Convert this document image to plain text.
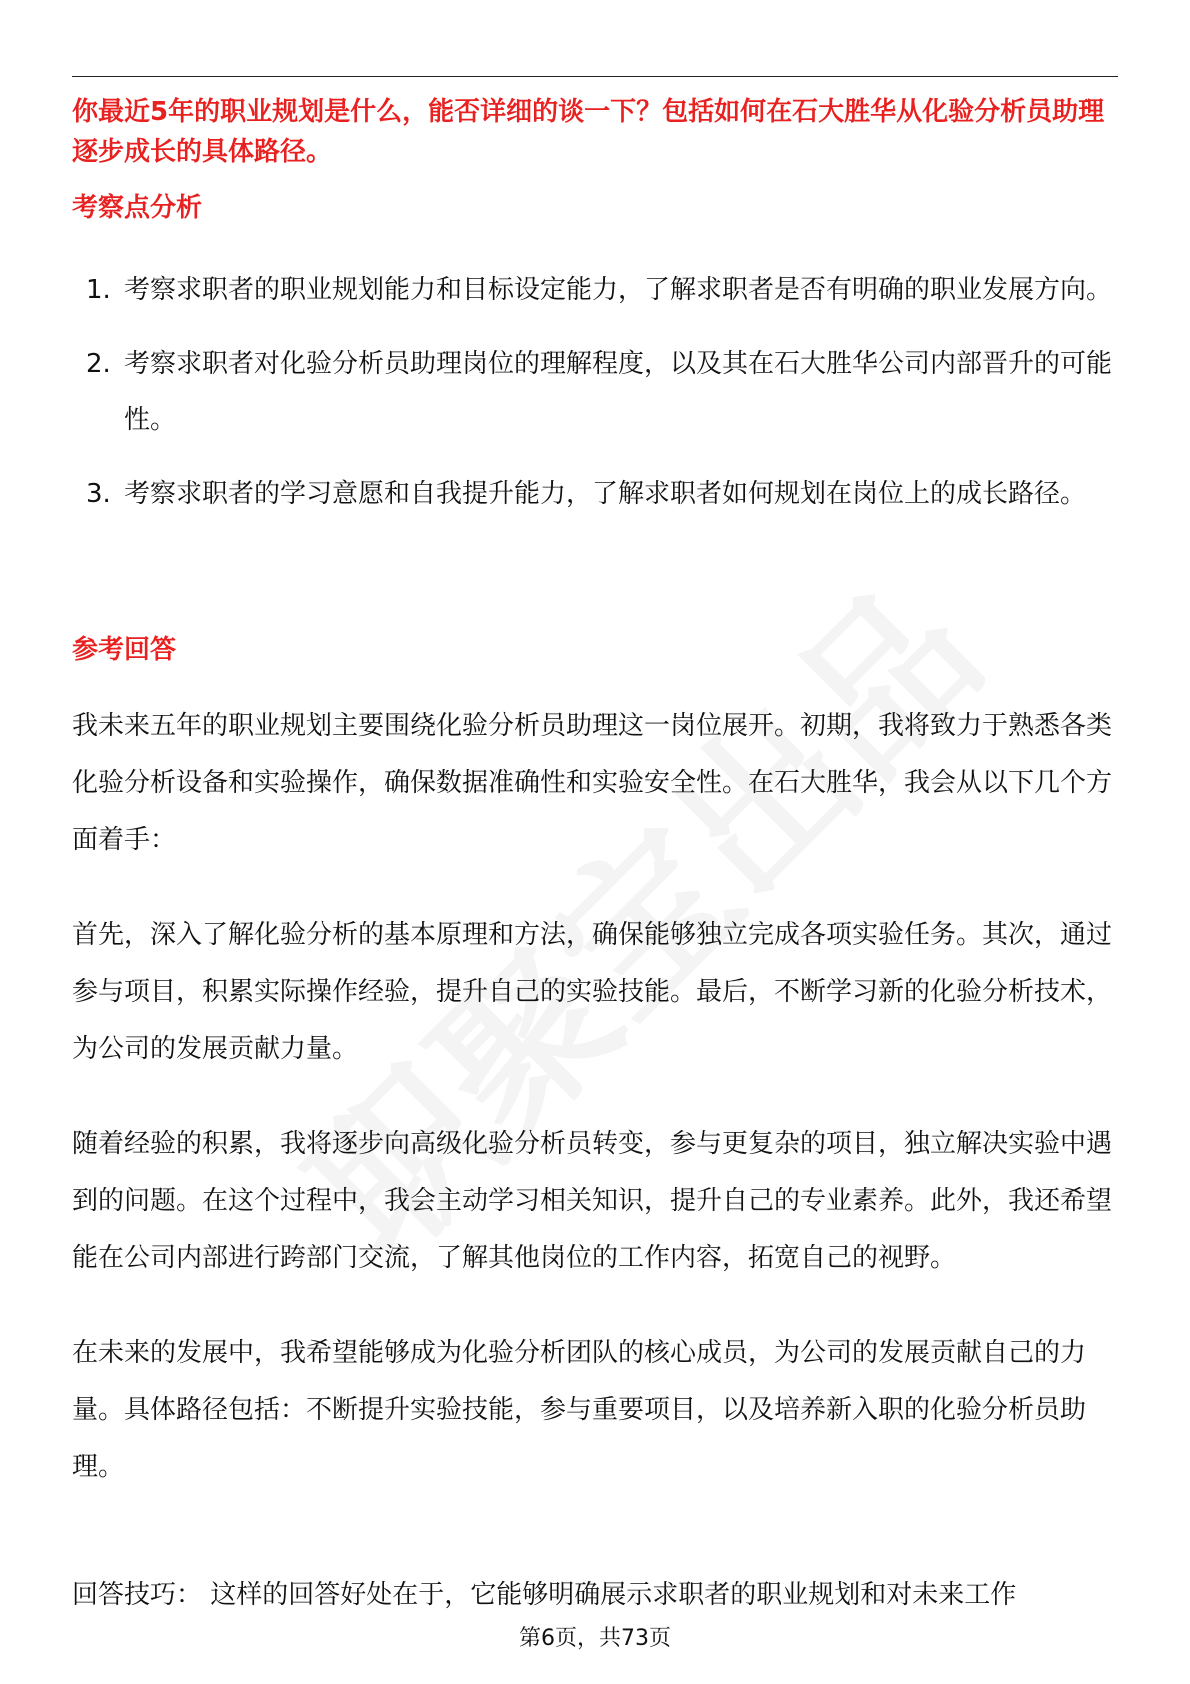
你最近5年的职业规划是什么，能否详细的谈一下？包括如何在石大胜华从化验分析员助理逐步成长的具体路径。

考察点分析
1. 考察求职者的职业规划能力和目标设定能力，了解求职者是否有明确的职业发展方向。
2. 考察求职者对化验分析员助理岗位的理解程度，以及其在石大胜华公司内部晋升的可能性。
3. 考察求职者的学习意愿和自我提升能力，了解求职者如何规划在岗位上的成长路径。
参考回答

我未来五年的职业规划主要围绕化验分析员助理这一岗位展开。初期，我将致力于熟悉各类化验分析设备和实验操作，确保数据准确性和实验安全性。在石大胜华，我会从以下几个方面着手：

首先，深入了解化验分析的基本原理和方法，确保能够独立完成各项实验任务。其次，通过参与项目，积累实际操作经验，提升自己的实验技能。最后，不断学习新的化验分析技术，为公司的发展贡献力量。

随着经验的积累，我将逐步向高级化验分析员转变，参与更复杂的项目，独立解决实验中遇到的问题。在这个过程中，我会主动学习相关知识，提升自己的专业素养。此外，我还希望能在公司内部进行跨部门交流，了解其他岗位的工作内容，拓宽自己的视野。

在未来的发展中，我希望能够成为化验分析团队的核心成员，为公司的发展贡献自己的力量。具体路径包括：不断提升实验技能，参与重要项目，以及培养新入职的化验分析员助理。

回答技巧： 这样的回答好处在于，它能够明确展示求职者的职业规划和对未来工作

第6页，共73页
